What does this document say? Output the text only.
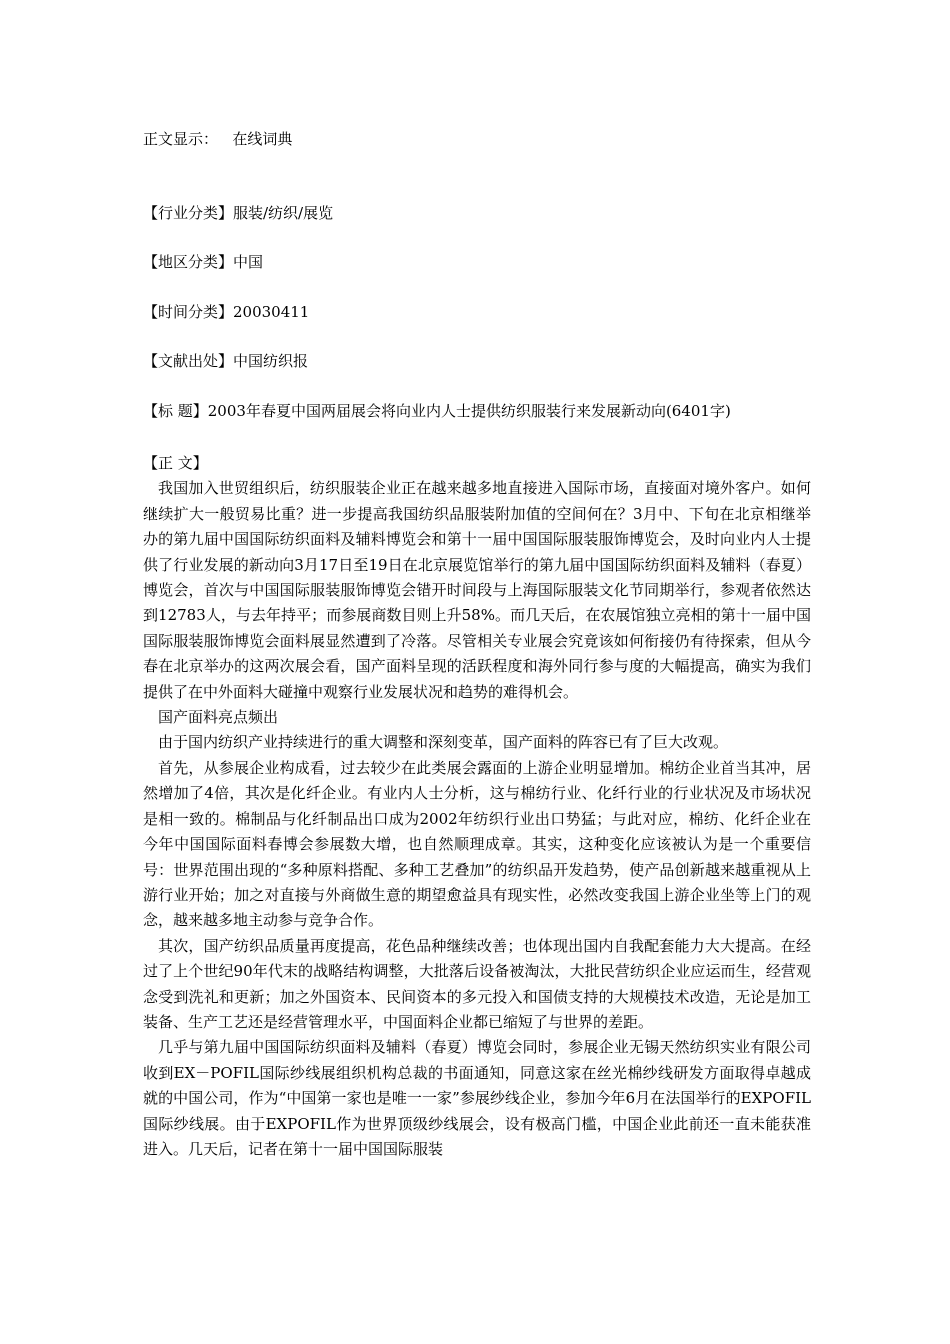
正文显示： 在线词典
【行业分类】服装/纺织/展览
【地区分类】中国
【时间分类】20030411
【文献出处】中国纺织报
【标 题】2003年春夏中国两届展会将向业内人士提供纺织服装行来发展新动向(6401字)

【正 文】

我国加入世贸组织后，纺织服装企业正在越来越多地直接进入国际市场，直接面对境外客户。如何继续扩大一般贸易比重？进一步提高我国纺织品服装附加值的空间何在？3月中、下旬在北京相继举办的第九届中国国际纺织面料及辅料博览会和第十一届中国国际服装服饰博览会，及时向业内人士提供了行业发展的新动向3月17日至19日在北京展览馆举行的第九届中国国际纺织面料及辅料（春夏）博览会，首次与中国国际服装服饰博览会错开时间段与上海国际服装文化节同期举行，参观者依然达到12783人，与去年持平；而参展商数目则上升58%。而几天后，在农展馆独立亮相的第十一届中国国际服装服饰博览会面料展显然遭到了冷落。尽管相关专业展会究竟该如何衔接仍有待探索，但从今春在北京举办的这两次展会看，国产面料呈现的活跃程度和海外同行参与度的大幅提高，确实为我们提供了在中外面料大碰撞中观察行业发展状况和趋势的难得机会。

国产面料亮点频出

由于国内纺织产业持续进行的重大调整和深刻变革，国产面料的阵容已有了巨大改观。

首先，从参展企业构成看，过去较少在此类展会露面的上游企业明显增加。棉纺企业首当其冲，居然增加了4倍，其次是化纤企业。有业内人士分析，这与棉纺行业、化纤行业的行业状况及市场状况是相一致的。棉制品与化纤制品出口成为2002年纺织行业出口势猛；与此对应，棉纺、化纤企业在今年中国国际面料春博会参展数大增，也自然顺理成章。其实，这种变化应该被认为是一个重要信号：世界范围出现的“多种原料搭配、多种工艺叠加”的纺织品开发趋势，使产品创新越来越重视从上游行业开始；加之对直接与外商做生意的期望愈益具有现实性，必然改变我国上游企业坐等上门的观念，越来越多地主动参与竞争合作。

其次，国产纺织品质量再度提高，花色品种继续改善；也体现出国内自我配套能力大大提高。在经过了上个世纪90年代末的战略结构调整，大批落后设备被淘汰，大批民营纺织企业应运而生，经营观念受到洗礼和更新；加之外国资本、民间资本的多元投入和国债支持的大规模技术改造，无论是加工装备、生产工艺还是经营管理水平，中国面料企业都已缩短了与世界的差距。

几乎与第九届中国国际纺织面料及辅料（春夏）博览会同时，参展企业无锡天然纺织实业有限公司收到EX－POFIL国际纱线展组织机构总裁的书面通知，同意这家在丝光棉纱线研发方面取得卓越成就的中国公司，作为“中国第一家也是唯一一家”参展纱线企业，参加今年6月在法国举行的EXPOFIL国际纱线展。由于EXPOFIL作为世界顶级纱线展会，设有极高门槛，中国企业此前还一直未能获准进入。几天后，记者在第十一届中国国际服装
